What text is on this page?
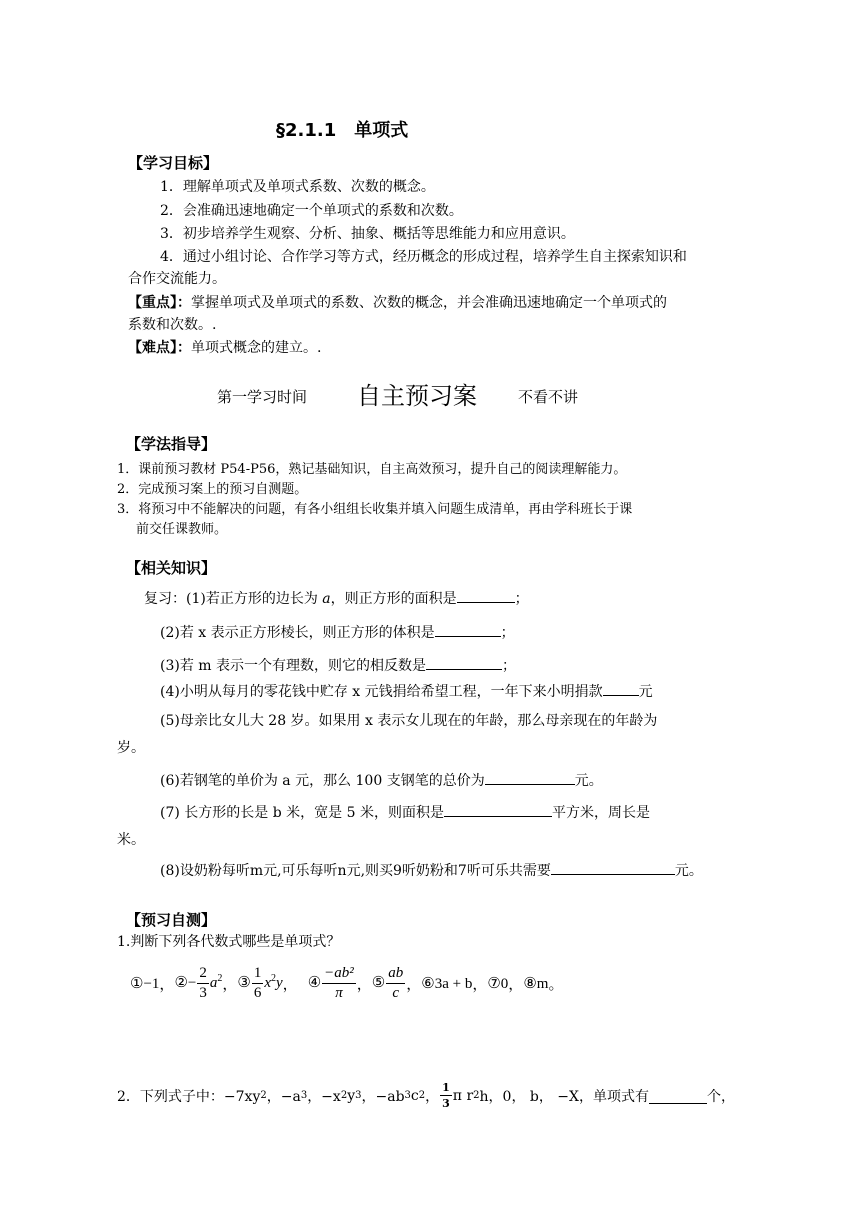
§2.1.1　单项式
【学习目标】
1．理解单项式及单项式系数、次数的概念。
2．会准确迅速地确定一个单项式的系数和次数。
3．初步培养学生观察、分析、抽象、概括等思维能力和应用意识。
4．通过小组讨论、合作学习等方式，经历概念的形成过程，培养学生自主探索知识和
合作交流能力。
【重点】：掌握单项式及单项式的系数、次数的概念，并会准确迅速地确定一个单项式的
系数和次数。.
【难点】：单项式概念的建立。.
第一学习时间 自主预习案	不看不讲
【学法指导】
1．课前预习教材 P54-P56，熟记基础知识，自主高效预习，提升自己的阅读理解能力。
2．完成预习案上的预习自测题。
3．将预习中不能解决的问题，有各小组组长收集并填入问题生成清单，再由学科班长于课
前交任课教师。
【相关知识】
复习：(1)若正方形的边长为 a，则正方形的面积是	；
(2)若 x 表示正方形棱长，则正方形的体积是	；
(3)若 m 表示一个有理数，则它的相反数是	；
(4)小明从每月的零花钱中贮存 x 元钱捐给希望工程，一年下来小明捐款	元
(5)母亲比女儿大 28 岁。如果用 x 表示女儿现在的年龄，那么母亲现在的年龄为
岁。
(6)若钢笔的单价为 a 元，那么 100 支钢笔的总价为	元。
(7) 长方形的长是 b 米，宽是 5 米，则面积是	平方米，周长是
米。
(8)设奶粉每听m元,可乐每听n元,则买9听奶粉和7听可乐共需要	元。
【预习自测】
1.判断下列各代数式哪些是单项式？
①−1 ， ②− $\frac{2}{3} a^2$ ， ③ $\frac{1}{6} x^2y$ ， ④ $\frac{\text{−ab²}}{\pi}$ ， ⑤ $\frac{ab}{c}$ ， ⑥3a + b ， ⑦0 ， ⑧m 。
2．下列式子中：−7xy 2 ，−a 3 ，−x 2 y 3 ，−ab 3 c 2 ， $\frac{1}{3}$ π r 2 h，0， b， −X，单项式有	个，
